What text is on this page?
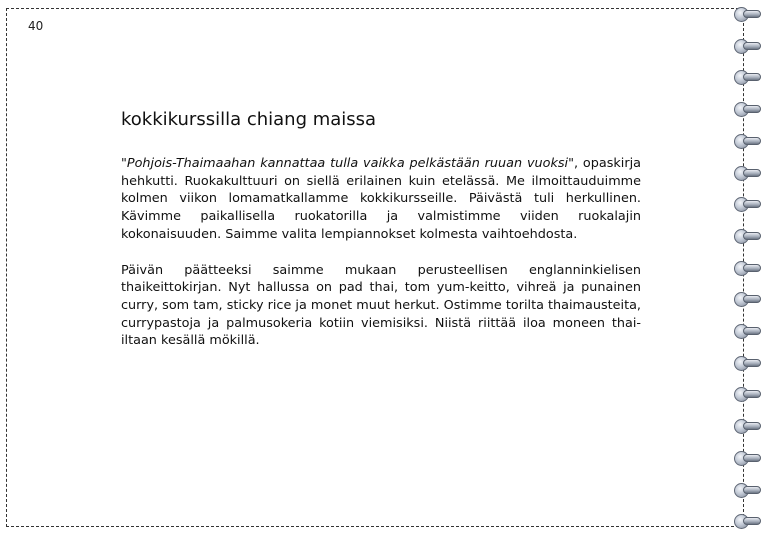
40
kokkikurssilla chiang maissa

"Pohjois-Thaimaahan kannattaa tulla vaikka pelkästään ruuan vuoksi", opaskirja hehkutti. Ruokakulttuuri on siellä erilainen kuin etelässä. Me ilmoittauduimme kolmen viikon lomamatkallamme kokkikursseille. Päivästä tuli herkullinen. Kävimme paikallisella ruokatorilla ja valmistimme viiden ruokalajin kokonaisuuden. Saimme valita lempiannokset kolmesta vaihtoehdosta.

Päivän päätteeksi saimme mukaan perusteellisen englanninkielisen thaikeittokirjan. Nyt hallussa on pad thai, tom yum-keitto, vihreä ja punainen curry, som tam, sticky rice ja monet muut herkut. Ostimme torilta thaimausteita, currypastoja ja palmusokeria kotiin viemisiksi. Niistä riittää iloa moneen thai-iltaan kesällä mökillä.
